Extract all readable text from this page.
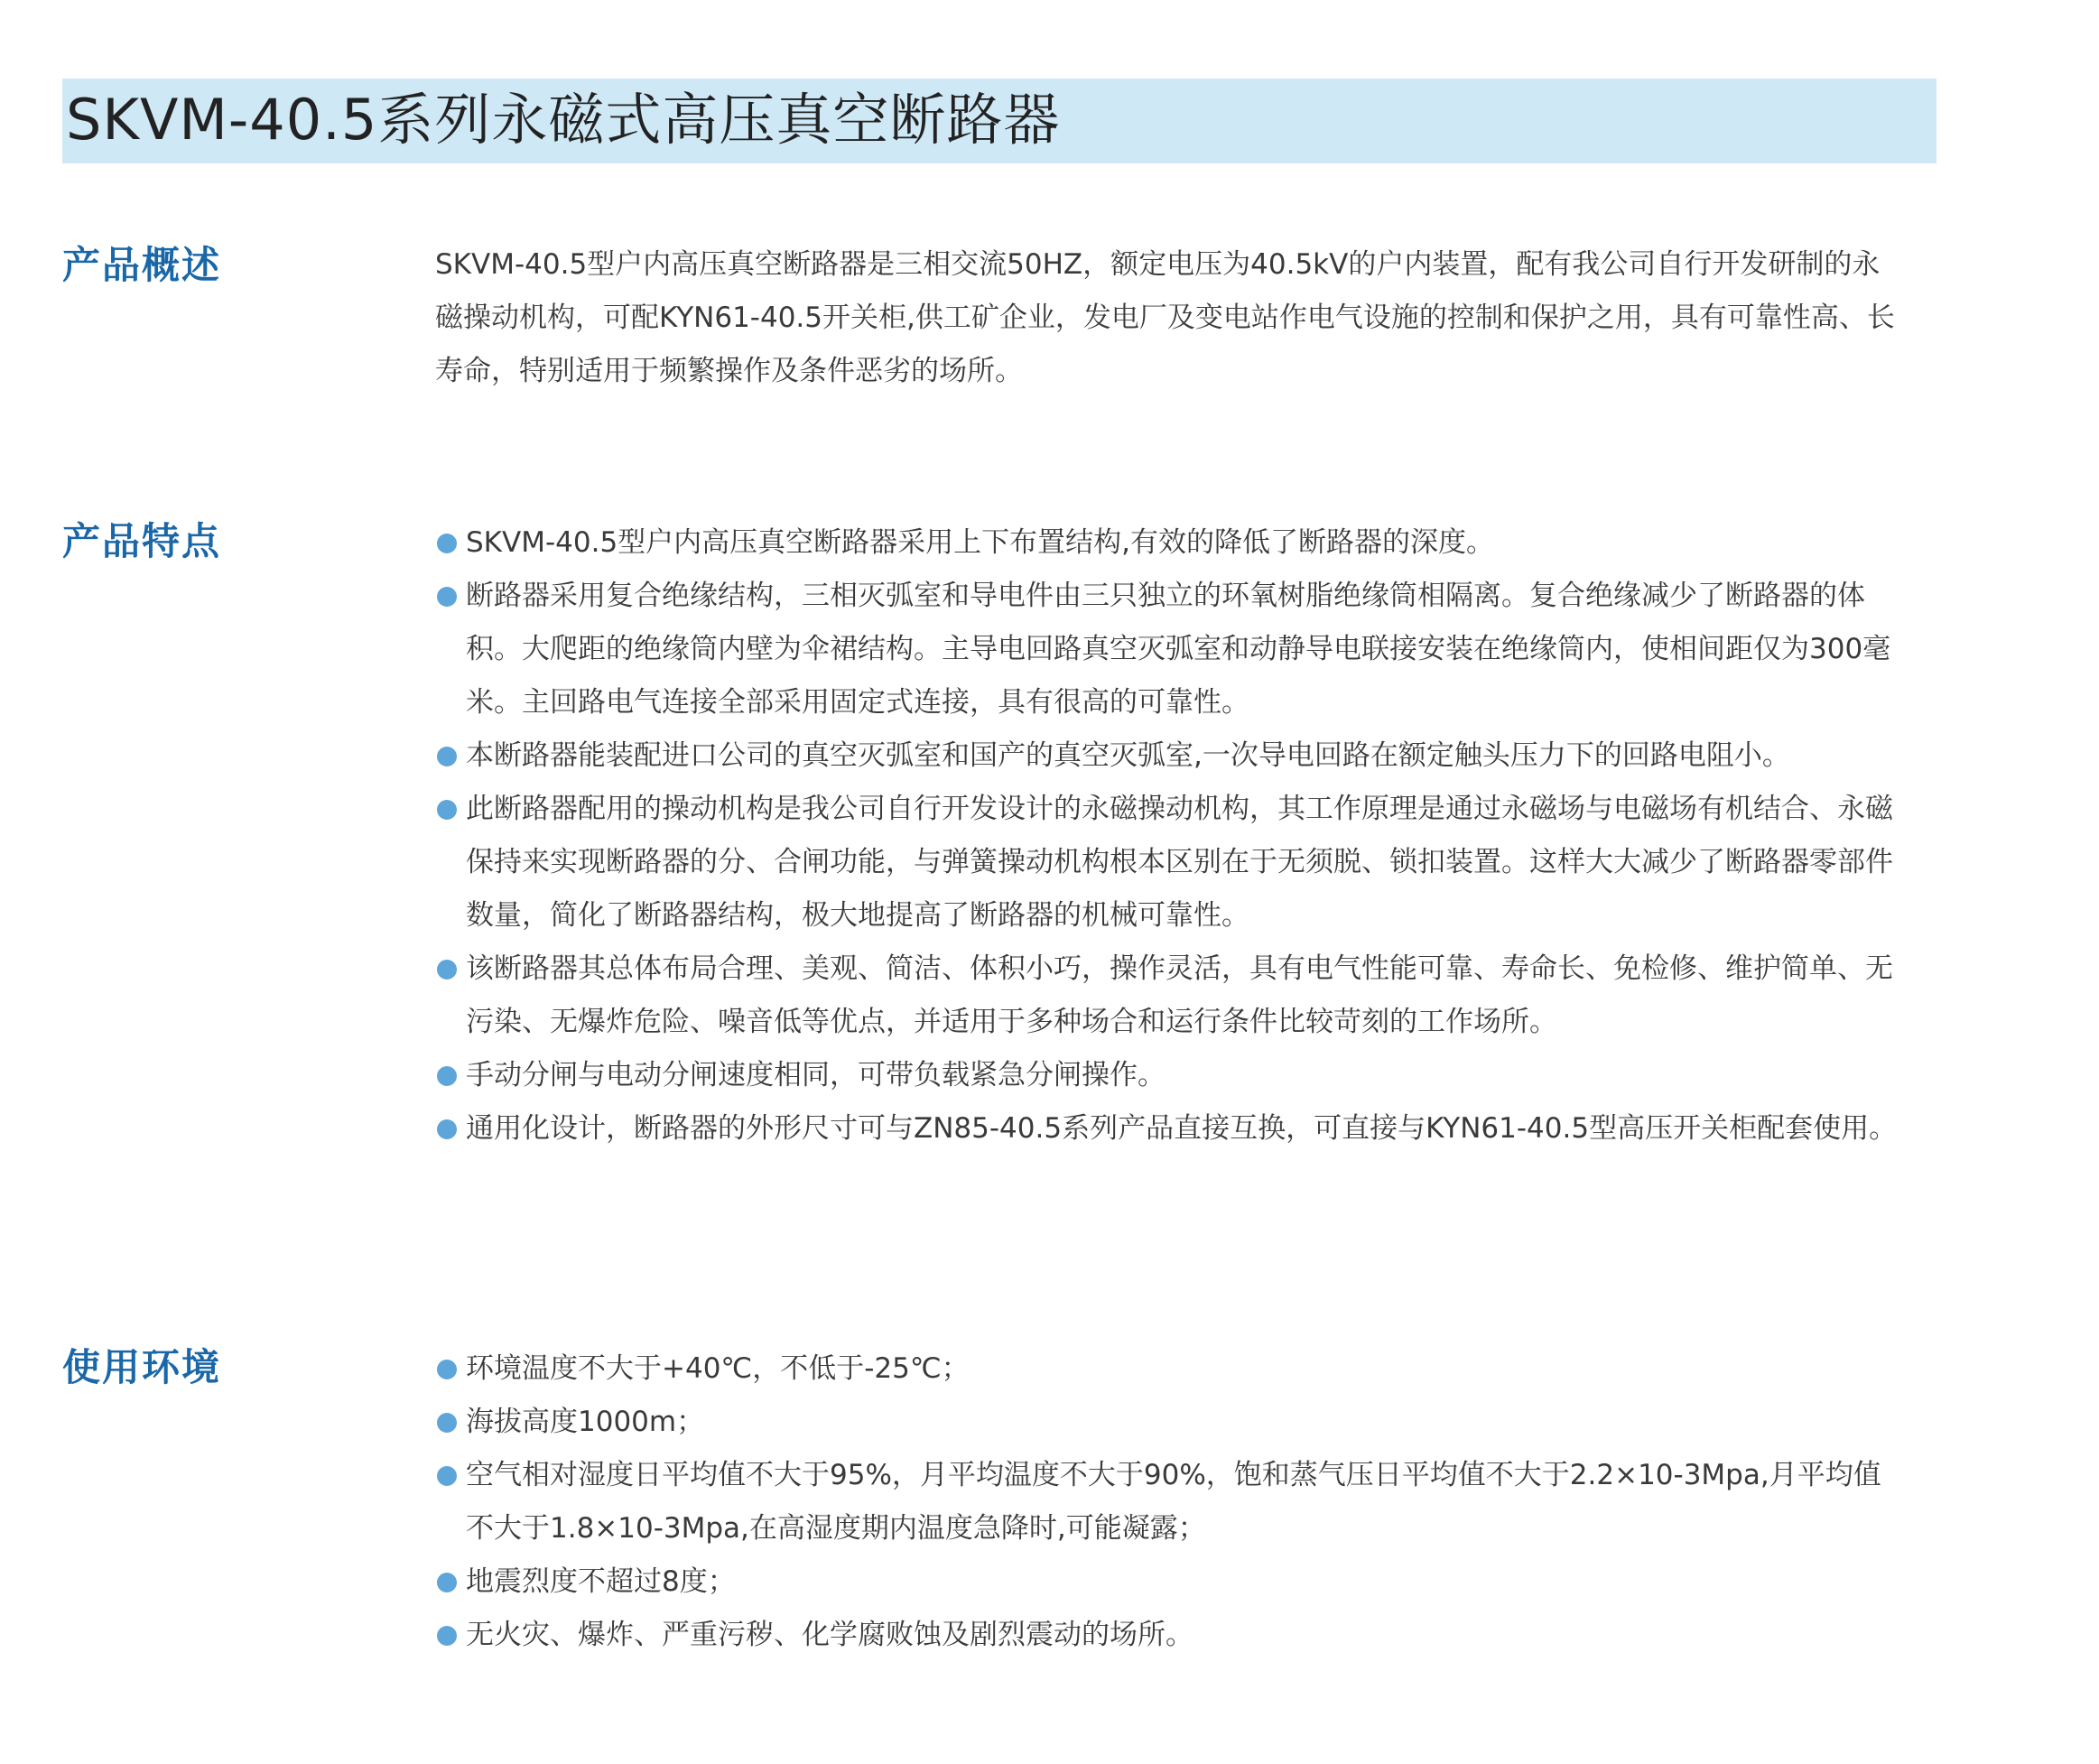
SKVM-40.5系列永磁式高压真空断路器
产品概述	SKVM-40.5型户内高压真空断路器是三相交流50HZ，额定电压为40.5kV的户内装置，配有我公司自行开发研制的永磁操动机构，可配KYN61-40.5开关柜,供工矿企业，发电厂及变电站作电气设施的控制和保护之用，具有可靠性高、长寿命，特别适用于频繁操作及条件恶劣的场所。

产品特点	SKVM-40.5型户内高压真空断路器采用上下布置结构,有效的降低了断路器的深度。
断路器采用复合绝缘结构，三相灭弧室和导电件由三只独立的环氧树脂绝缘筒相隔离。复合绝缘减少了断路器的体积。大爬距的绝缘筒内壁为伞裙结构。主导电回路真空灭弧室和动静导电联接安装在绝缘筒内，使相间距仅为300毫米。主回路电气连接全部采用固定式连接，具有很高的可靠性。
本断路器能装配进口公司的真空灭弧室和国产的真空灭弧室,一次导电回路在额定触头压力下的回路电阻小。
此断路器配用的操动机构是我公司自行开发设计的永磁操动机构，其工作原理是通过永磁场与电磁场有机结合、永磁保持来实现断路器的分、合闸功能，与弹簧操动机构根本区别在于无须脱、锁扣装置。这样大大减少了断路器零部件数量，简化了断路器结构，极大地提高了断路器的机械可靠性。
该断路器其总体布局合理、美观、简洁、体积小巧，操作灵活，具有电气性能可靠、寿命长、免检修、维护简单、无污染、无爆炸危险、噪音低等优点，并适用于多种场合和运行条件比较苛刻的工作场所。
手动分闸与电动分闸速度相同，可带负载紧急分闸操作。
通用化设计，断路器的外形尺寸可与ZN85-40.5系列产品直接互换，可直接与KYN61-40.5型高压开关柜配套使用。
使用环境	环境温度不大于+40℃，不低于-25℃；
海拔高度1000m；
空气相对湿度日平均值不大于95%，月平均温度不大于90%，饱和蒸气压日平均值不大于2.2×10-3Mpa,月平均值不大于1.8×10-3Mpa,在高湿度期内温度急降时,可能凝露；
地震烈度不超过8度；
无火灾、爆炸、严重污秽、化学腐败蚀及剧烈震动的场所。
